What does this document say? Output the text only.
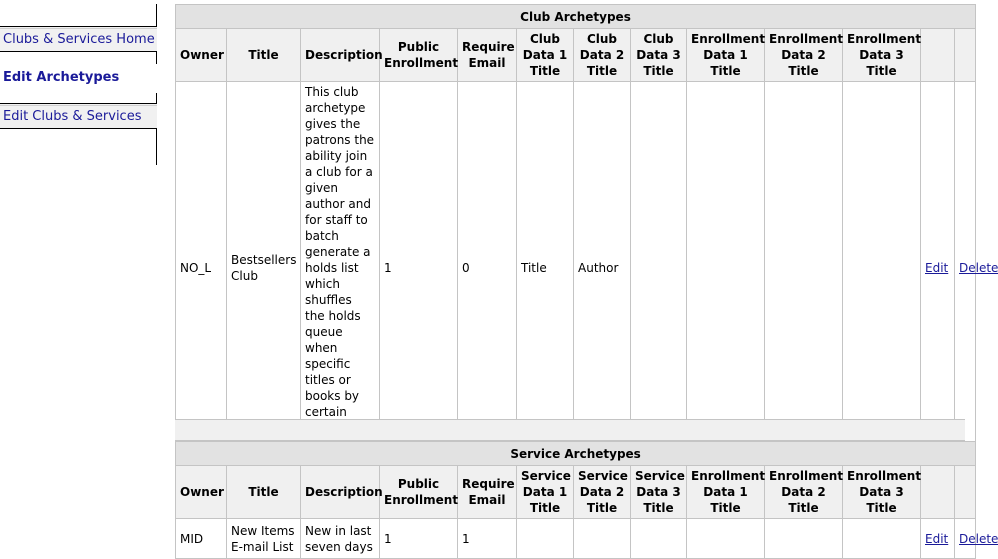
Clubs & Services Home
Edit Archetypes
Edit Clubs & Services
Club Archetypes												
Owner	Title	Description	Public Enrollment	Require Email	Club Data 1 Title	Club Data 2 Title	Club Data 3 Title	Enrollment Data 1 Title	Enrollment Data 2 Title	Enrollment Data 3 Title		
NO_L	Bestsellers Club	This club archetype gives the patrons the ability join a club for a given author and for staff to batch generate a holds list which shuffles the holds queue when specific titles or books by certain	1	0	Title	Author					Edit	Delete
Service Archetypes												
Owner	Title	Description	Public Enrollment	Require Email	Service Data 1 Title	Service Data 2 Title	Service Data 3 Title	Enrollment Data 1 Title	Enrollment Data 2 Title	Enrollment Data 3 Title		
MID	New Items E-mail List	New in last seven days	1	1							Edit	Delete
